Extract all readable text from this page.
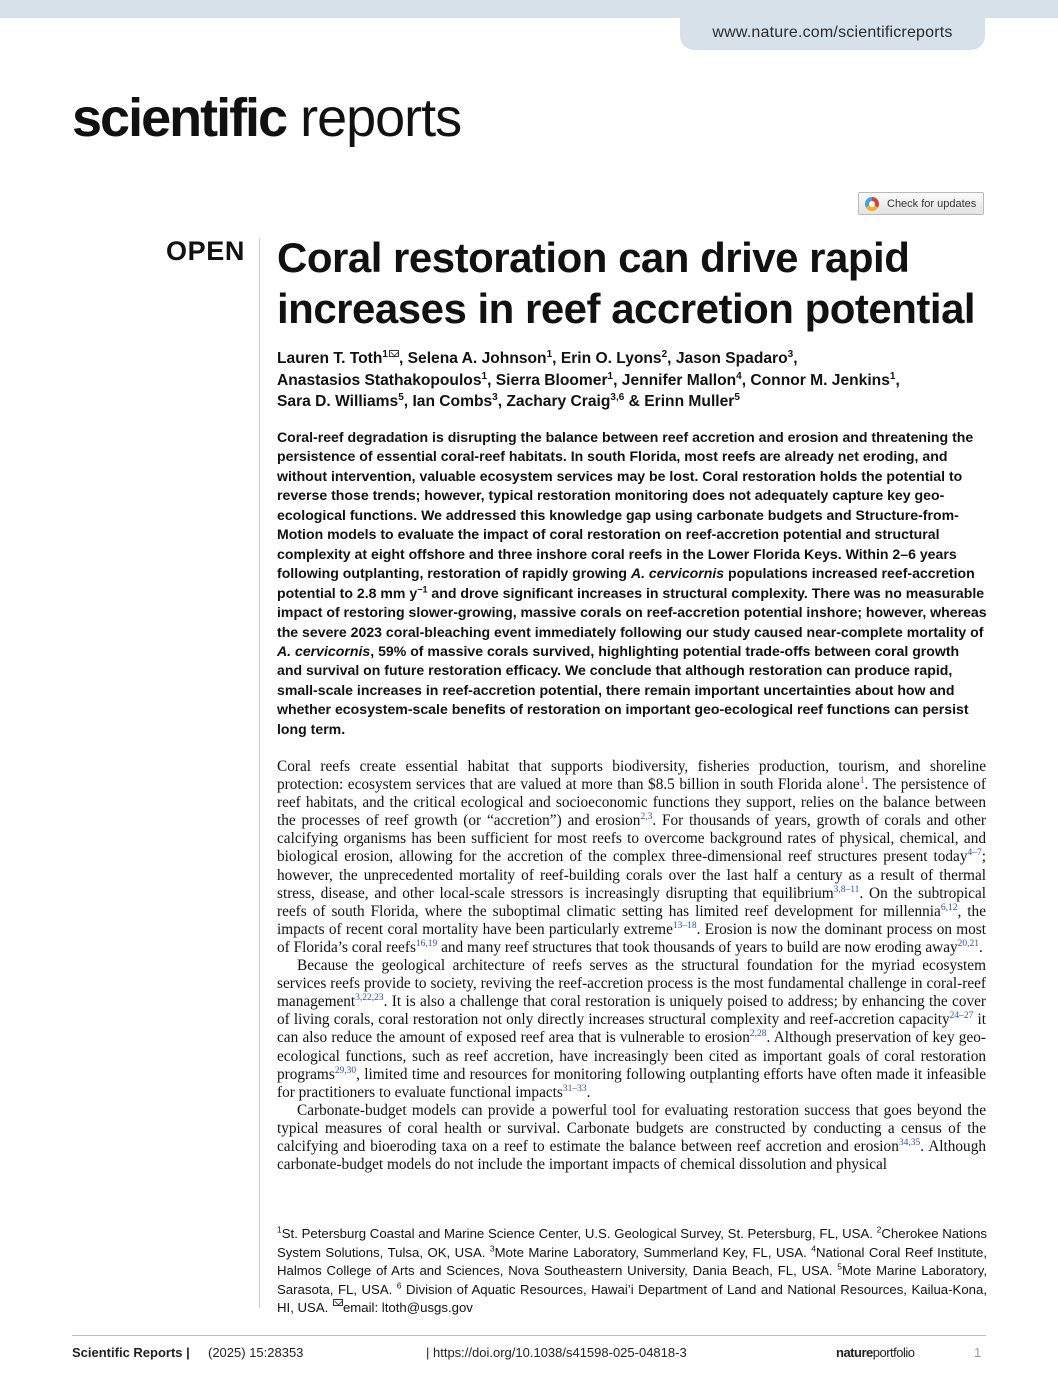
www.nature.com/scientificreports
scientific reports
Check for updates
OPEN Coral restoration can drive rapid increases in reef accretion potential
Lauren T. Toth$^1$ , Selena A. Johnson$^1$, Erin O. Lyons$^2$, Jason Spadaro$^3$,
Anastasios Stathakopoulos$^1$, Sierra Bloomer$^1$, Jennifer Mallon$^4$, Connor M. Jenkins$^1$,
Sara D. Williams$^5$, Ian Combs$^3$, Zachary Craig$^{3,6}$ & Erinn Muller$^5$
Coral-reef degradation is disrupting the balance between reef accretion and erosion and threatening the persistence of essential coral-reef habitats. In south Florida, most reefs are already net eroding, and without intervention, valuable ecosystem services may be lost. Coral restoration holds the potential to reverse those trends; however, typical restoration monitoring does not adequately capture key geo-ecological functions. We addressed this knowledge gap using carbonate budgets and Structure-from-Motion models to evaluate the impact of coral restoration on reef-accretion potential and structural complexity at eight offshore and three inshore coral reefs in the Lower Florida Keys. Within 2–6 years following outplanting, restoration of rapidly growing A. cervicornis populations increased reef-accretion potential to 2.8 mm $y^{-1}$ and drove significant increases in structural complexity. There was no measurable impact of restoring slower-growing, massive corals on reef-accretion potential inshore; however, whereas the severe 2023 coral-bleaching event immediately following our study caused near-complete mortality of A. cervicornis, 59% of massive corals survived, highlighting potential trade-offs between coral growth and survival on future restoration efficacy. We conclude that although restoration can produce rapid, small-scale increases in reef-accretion potential, there remain important uncertainties about how and whether ecosystem-scale benefits of restoration on important geo-ecological reef functions can persist long term.

Coral reefs create essential habitat that supports biodiversity, fisheries production, tourism, and shoreline protection: ecosystem services that are valued at more than $8.5 billion in south Florida alone$^1$. The persistence of reef habitats, and the critical ecological and socioeconomic functions they support, relies on the balance between the processes of reef growth (or “accretion”) and erosion$^{2,3}$. For thousands of years, growth of corals and other calcifying organisms has been sufficient for most reefs to overcome background rates of physical, chemical, and biological erosion, allowing for the accretion of the complex three-dimensional reef structures present today$^{4-7}$; however, the unprecedented mortality of reef-building corals over the last half a century as a result of thermal stress, disease, and other local-scale stressors is increasingly disrupting that equilibrium$^{3,8-11}$. On the subtropical reefs of south Florida, where the suboptimal climatic setting has limited reef development for millennia$^{6,12}$, the impacts of recent coral mortality have been particularly extreme$^{13-18}$. Erosion is now the dominant process on most of Florida’s coral reefs$^{16,19}$ and many reef structures that took thousands of years to build are now eroding away$^{20,21}$.

Because the geological architecture of reefs serves as the structural foundation for the myriad ecosystem services reefs provide to society, reviving the reef-accretion process is the most fundamental challenge in coral-reef management$^{3,22,23}$. It is also a challenge that coral restoration is uniquely poised to address; by enhancing the cover of living corals, coral restoration not only directly increases structural complexity and reef-accretion capacity$^{24-27}$ it can also reduce the amount of exposed reef area that is vulnerable to erosion$^{2,28}$. Although preservation of key geo-ecological functions, such as reef accretion, have increasingly been cited as important goals of coral restoration programs$^{29,30}$, limited time and resources for monitoring following outplanting efforts have often made it infeasible for practitioners to evaluate functional impacts$^{31-33}$.

Carbonate-budget models can provide a powerful tool for evaluating restoration success that goes beyond the typical measures of coral health or survival. Carbonate budgets are constructed by conducting a census of the calcifying and bioeroding taxa on a reef to estimate the balance between reef accretion and erosion$^{34,35}$. Although carbonate-budget models do not include the important impacts of chemical dissolution and physical

$^1$St. Petersburg Coastal and Marine Science Center, U.S. Geological Survey, St. Petersburg, FL, USA. $^2$Cherokee Nations System Solutions, Tulsa, OK, USA. $^3$Mote Marine Laboratory, Summerland Key, FL, USA. $^4$National Coral Reef Institute, Halmos College of Arts and Sciences, Nova Southeastern University, Dania Beach, FL, USA. $^5$Mote Marine Laboratory, Sarasota, FL, USA. $^6$ Division of Aquatic Resources, Hawai’i Department of Land and National Resources, Kailua-Kona, HI, USA. email: ltoth@usgs.gov
Scientific Reports | (2025) 15:28353	| https://doi.org/10.1038/s41598-025-04818-3	natureportfolio	1
